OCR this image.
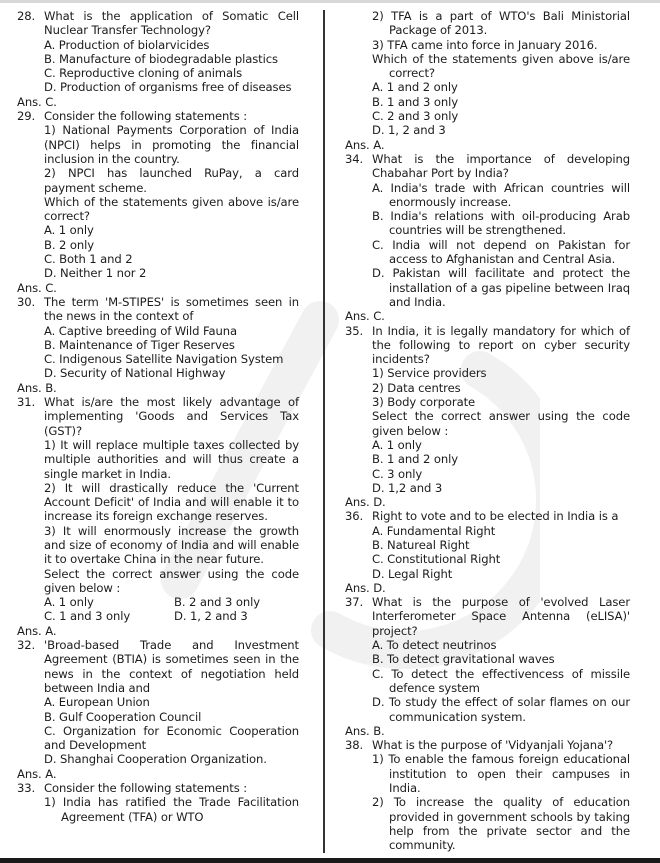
28. What is the application of Somatic Cell Nuclear Transfer Technology?

A. Production of biolarvicides

B. Manufacture of biodegradable plastics

C. Reproductive cloning of animals

D. Production of organisms free of diseases

Ans. C.

29. Consider the following statements :

1) National Payments Corporation of India (NPCI) helps in promoting the financial inclusion in the country.

2) NPCI has launched RuPay, a card payment scheme.

Which of the statements given above is/are correct?

A. 1 only

B. 2 only

C. Both 1 and 2

D. Neither 1 nor 2

Ans. C.

30. The term 'M-STIPES' is sometimes seen in the news in the context of

A. Captive breeding of Wild Fauna

B. Maintenance of Tiger Reserves

C. Indigenous Satellite Navigation System

D. Security of National Highway

Ans. B.

31. What is/are the most likely advantage of implementing 'Goods and Services Tax (GST)?

1) It will replace multiple taxes collected by multiple authorities and will thus create a single market in India.

2) It will drastically reduce the 'Current Account Deficit' of India and will enable it to increase its foreign exchange reserves.

3) It will enormously increase the growth and size of economy of India and will enable it to overtake China in the near future.

Select the correct answer using the code given below :

A. 1 only	B. 2 and 3 only
C. 1 and 3 only	D. 1, 2 and 3

Ans. A.

32. 'Broad-based Trade and Investment Agreement (BTIA) is sometimes seen in the news in the context of negotiation held between India and

A. European Union

B. Gulf Cooperation Council

C. Organization for Economic Cooperation and Development

D. Shanghai Cooperation Organization.

Ans. A.

33. Consider the following statements :

1) India has ratified the Trade Facilitation Agreement (TFA) or WTO

2) TFA is a part of WTO's Bali Ministorial Package of 2013.

3) TFA came into force in January 2016.

Which of the statements given above is/are correct?

A. 1 and 2 only

B. 1 and 3 only

C. 2 and 3 only

D. 1, 2 and 3

Ans. A.

34. What is the importance of developing Chabahar Port by India?

A. India's trade with African countries will enormously increase.

B. India's relations with oil-producing Arab countries will be strengthened.

C. India will not depend on Pakistan for access to Afghanistan and Central Asia.

D. Pakistan will facilitate and protect the installation of a gas pipeline between Iraq and India.

Ans. C.

35. In India, it is legally mandatory for which of the following to report on cyber security incidents?

1) Service providers

2) Data centres

3) Body corporate

Select the correct answer using the code given below :

A. 1 only

B. 1 and 2 only

C. 3 only

D. 1,2 and 3

Ans. D.

36. Right to vote and to be elected in India is a

A. Fundamental Right

B. Natureal Right

C. Constitutional Right

D. Legal Right

Ans. D.

37. What is the purpose of 'evolved Laser Interferometer Space Antenna (eLISA)' project?

A. To detect neutrinos

B. To detect gravitational waves

C. To detect the effectivencess of missile defence system

D. To study the effect of solar flames on our communication system.

Ans. B.

38. What is the purpose of 'Vidyanjali Yojana'?

1) To enable the famous foreign educational institution to open their campuses in India.

2) To increase the quality of education provided in government schools by taking help from the private sector and the community.
